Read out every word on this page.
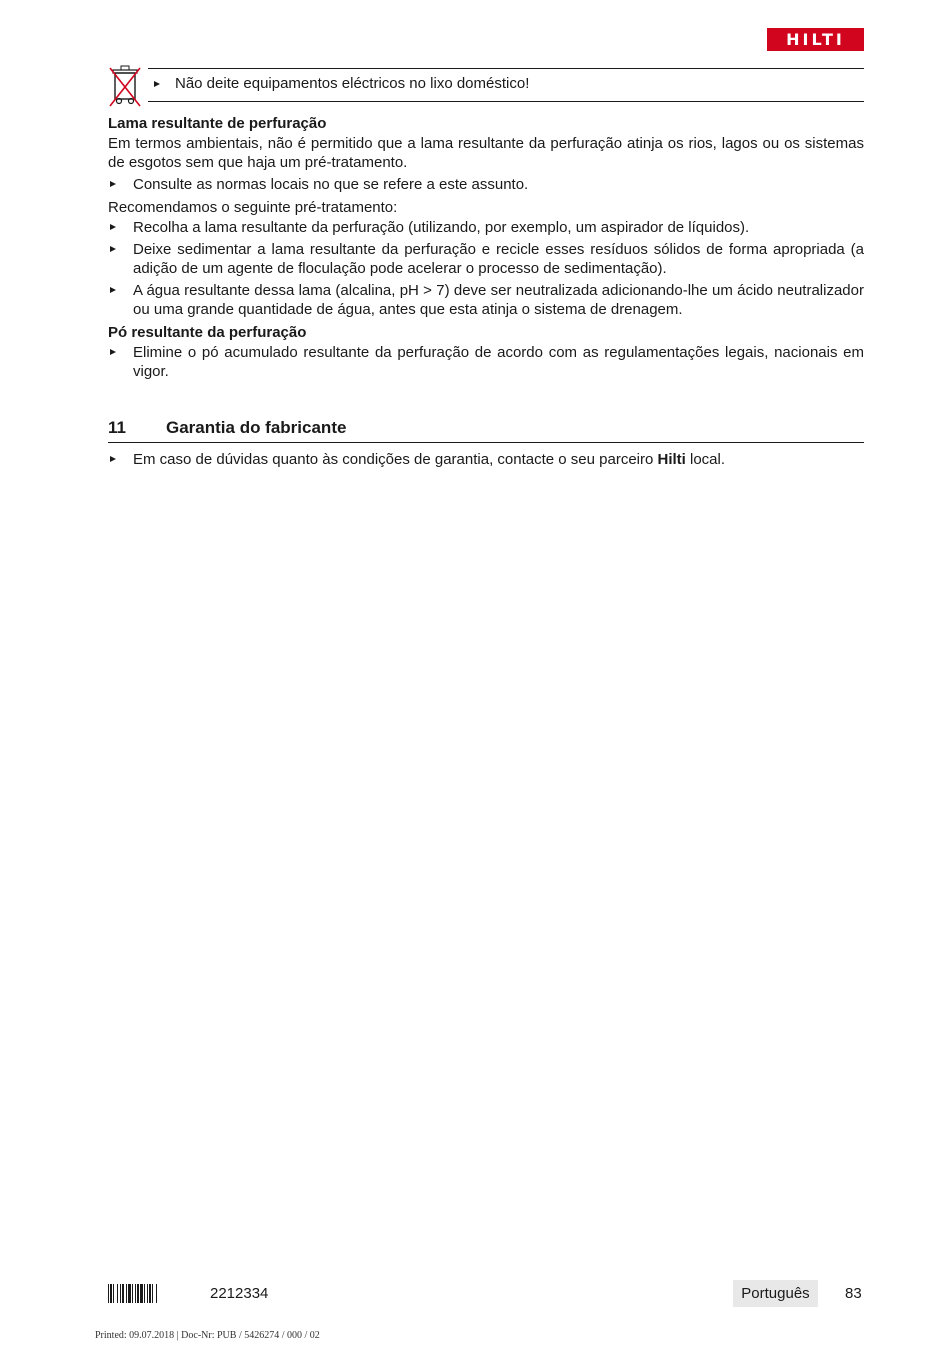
HILTI
Não deite equipamentos eléctricos no lixo doméstico!
Lama resultante de perfuração

Em termos ambientais, não é permitido que a lama resultante da perfuração atinja os rios, lagos ou os sistemas de esgotos sem que haja um pré-tratamento.

Consulte as normas locais no que se refere a este assunto.

Recomendamos o seguinte pré-tratamento:

Recolha a lama resultante da perfuração (utilizando, por exemplo, um aspirador de líquidos).
Deixe sedimentar a lama resultante da perfuração e recicle esses resíduos sólidos de forma apropriada (a adição de um agente de floculação pode acelerar o processo de sedimentação).
A água resultante dessa lama (alcalina, pH > 7) deve ser neutralizada adicionando-lhe um ácido neutralizador ou uma grande quantidade de água, antes que esta atinja o sistema de drenagem.
Pó resultante da perfuração
Elimine o pó acumulado resultante da perfuração de acordo com as regulamentações legais, nacionais em vigor.
11 Garantia do fabricante
Em caso de dúvidas quanto às condições de garantia, contacte o seu parceiro Hilti local.
2212334	Português	83
Printed: 09.07.2018 | Doc-Nr: PUB / 5426274 / 000 / 02
